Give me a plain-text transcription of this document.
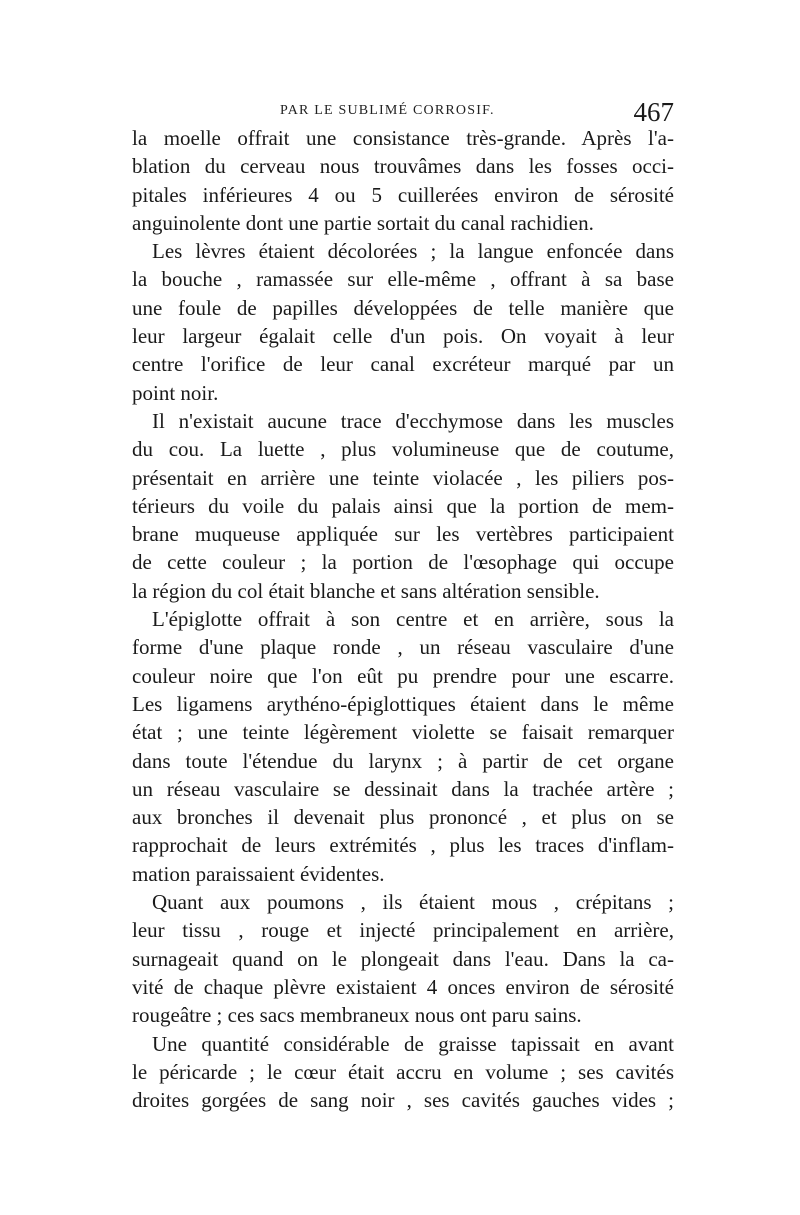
PAR LE SUBLIMÉ CORROSIF.	467
la moelle offrait une consistance très-grande. Après l'a-
blation du cerveau nous trouvâmes dans les fosses occi-
pitales inférieures 4 ou 5 cuillerées environ de sérosité
anguinolente dont une partie sortait du canal rachidien.
Les lèvres étaient décolorées ; la langue enfoncée dans
la bouche , ramassée sur elle-même , offrant à sa base
une foule de papilles développées de telle manière que
leur largeur égalait celle d'un pois. On voyait à leur
centre l'orifice de leur canal excréteur marqué par un
point noir.
Il n'existait aucune trace d'ecchymose dans les muscles
du cou. La luette , plus volumineuse que de coutume,
présentait en arrière une teinte violacée , les piliers pos-
térieurs du voile du palais ainsi que la portion de mem-
brane muqueuse appliquée sur les vertèbres participaient
de cette couleur ; la portion de l'œsophage qui occupe
la région du col était blanche et sans altération sensible.
L'épiglotte offrait à son centre et en arrière, sous la
forme d'une plaque ronde , un réseau vasculaire d'une
couleur noire que l'on eût pu prendre pour une escarre.
Les ligamens arythéno-épiglottiques étaient dans le même
état ; une teinte légèrement violette se faisait remarquer
dans toute l'étendue du larynx ; à partir de cet organe
un réseau vasculaire se dessinait dans la trachée artère ;
aux bronches il devenait plus prononcé , et plus on se
rapprochait de leurs extrémités , plus les traces d'inflam-
mation paraissaient évidentes.
Quant aux poumons , ils étaient mous , crépitans ;
leur tissu , rouge et injecté principalement en arrière,
surnageait quand on le plongeait dans l'eau. Dans la ca-
vité de chaque plèvre existaient 4 onces environ de sérosité
rougeâtre ; ces sacs membraneux nous ont paru sains.
Une quantité considérable de graisse tapissait en avant
le péricarde ; le cœur était accru en volume ; ses cavités
droites gorgées de sang noir , ses cavités gauches vides ;
